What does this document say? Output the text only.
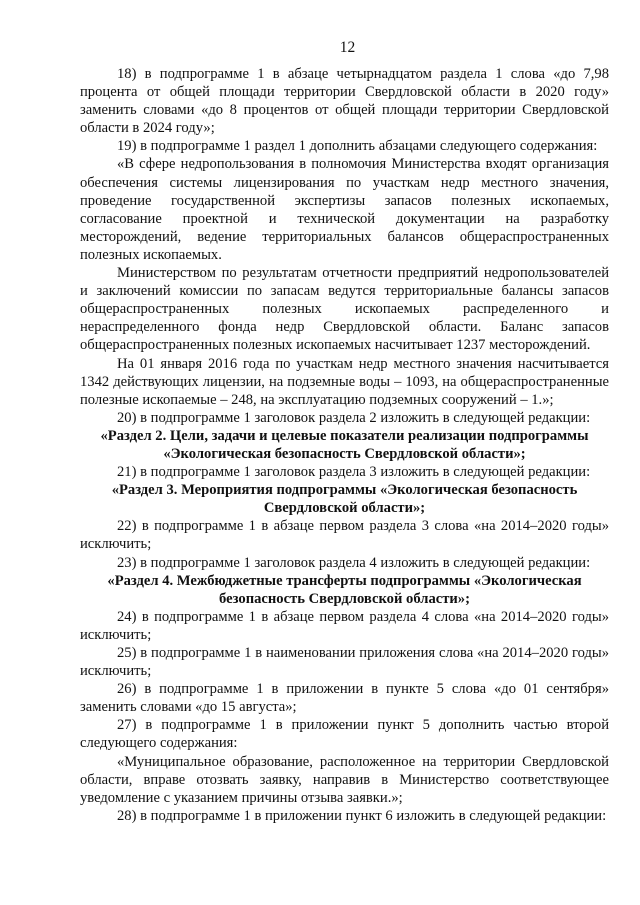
12

18) в подпрограмме 1 в абзаце четырнадцатом раздела 1 слова «до 7,98 процента от общей площади территории Свердловской области в 2020 году» заменить словами «до 8 процентов от общей площади территории Свердловской области в 2024 году»;

19) в подпрограмме 1 раздел 1 дополнить абзацами следующего содержания:

«В сфере недропользования в полномочия Министерства входят организация обеспечения системы лицензирования по участкам недр местного значения, проведение государственной экспертизы запасов полезных ископаемых, согласование проектной и технической документации на разработку месторождений, ведение территориальных балансов общераспространенных полезных ископаемых.

Министерством по результатам отчетности предприятий недропользователей и заключений комиссии по запасам ведутся территориальные балансы запасов общераспространенных полезных ископаемых распределенного и нераспределенного фонда недр Свердловской области. Баланс запасов общераспространенных полезных ископаемых насчитывает 1237 месторождений.

На 01 января 2016 года по участкам недр местного значения насчитывается 1342 действующих лицензии, на подземные воды – 1093, на общераспространенные полезные ископаемые – 248, на эксплуатацию подземных сооружений – 1.»;

20) в подпрограмме 1 заголовок раздела 2 изложить в следующей редакции:

«Раздел 2. Цели, задачи и целевые показатели реализации подпрограммы «Экологическая безопасность Свердловской области»;

21) в подпрограмме 1 заголовок раздела 3 изложить в следующей редакции:

«Раздел 3. Мероприятия подпрограммы «Экологическая безопасность Свердловской области»;

22) в подпрограмме 1 в абзаце первом раздела 3 слова «на 2014–2020 годы» исключить;

23) в подпрограмме 1 заголовок раздела 4 изложить в следующей редакции:

«Раздел 4. Межбюджетные трансферты подпрограммы «Экологическая безопасность Свердловской области»;

24) в подпрограмме 1 в абзаце первом раздела 4 слова «на 2014–2020 годы» исключить;

25) в подпрограмме 1 в наименовании приложения слова «на 2014–2020 годы» исключить;

26) в подпрограмме 1 в приложении в пункте 5 слова «до 01 сентября» заменить словами «до 15 августа»;

27) в подпрограмме 1 в приложении пункт 5 дополнить частью второй следующего содержания:

«Муниципальное образование, расположенное на территории Свердловской области, вправе отозвать заявку, направив в Министерство соответствующее уведомление с указанием причины отзыва заявки.»;

28) в подпрограмме 1 в приложении пункт 6 изложить в следующей редакции:
